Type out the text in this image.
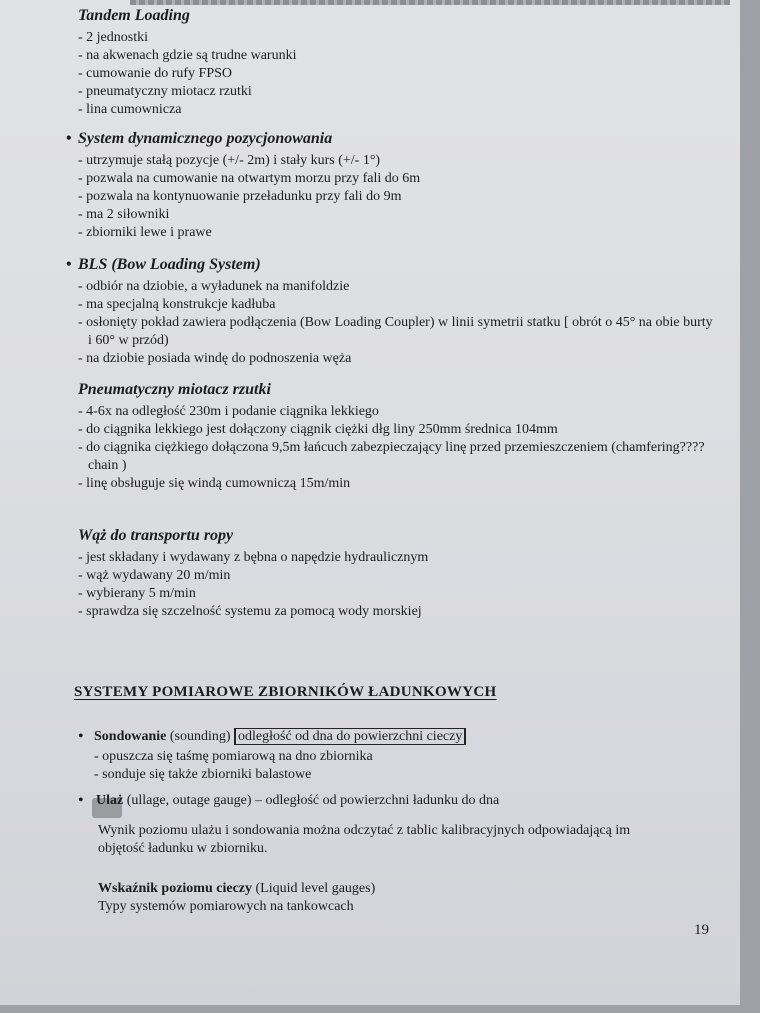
Tandem Loading
- 2 jednostki
- na akwenach gdzie są trudne warunki
- cumowanie do rufy FPSO
- pneumatyczny miotacz rzutki
- lina cumownicza
• System dynamicznego pozycjonowania
- utrzymuje stałą pozycje (+/- 2m) i stały kurs (+/- 1°)
- pozwala na cumowanie na otwartym morzu przy fali do 6m
- pozwala na kontynuowanie przeładunku przy fali do 9m
- ma 2 siłowniki
- zbiorniki lewe i prawe
• BLS (Bow Loading System)
- odbiór na dziobie, a wyładunek na manifoldzie
- ma specjalną konstrukcje kadłuba
- osłonięty pokład zawiera podłączenia (Bow Loading Coupler) w linii symetrii statku [ obrót o 45° na obie burty i 60° w przód)
- na dziobie posiada windę do podnoszenia węża
Pneumatyczny miotacz rzutki
- 4-6x na odległość 230m i podanie ciągnika lekkiego
- do ciągnika lekkiego jest dołączony ciągnik ciężki dłg liny 250mm średnica 104mm
- do ciągnika ciężkiego dołączona 9,5m łańcuch zabezpieczający linę przed przemieszczeniem (chamfering???? chain )
- linę obsługuje się windą cumowniczą 15m/min
Wąż do transportu ropy
- jest składany i wydawany z bębna o napędzie hydraulicznym
- wąż wydawany 20 m/min
- wybierany 5 m/min
- sprawdza się szczelność systemu za pomocą wody morskiej
SYSTEMY POMIAROWE ZBIORNIKÓW ŁADUNKOWYCH
• Sondowanie (sounding) odległość od dna do powierzchni cieczy
- opuszcza się taśmę pomiarową na dno zbiornika
- sonduje się także zbiorniki balastowe
• Ulaż (ullage, outage gauge) – odległość od powierzchni ładunku do dna
Wynik poziomu ulażu i sondowania można odczytać z tablic kalibracyjnych odpowiadającą im objętość ładunku w zbiorniku.
Wskaźnik poziomu cieczy (Liquid level gauges)
Typy systemów pomiarowych na tankowcach
19
